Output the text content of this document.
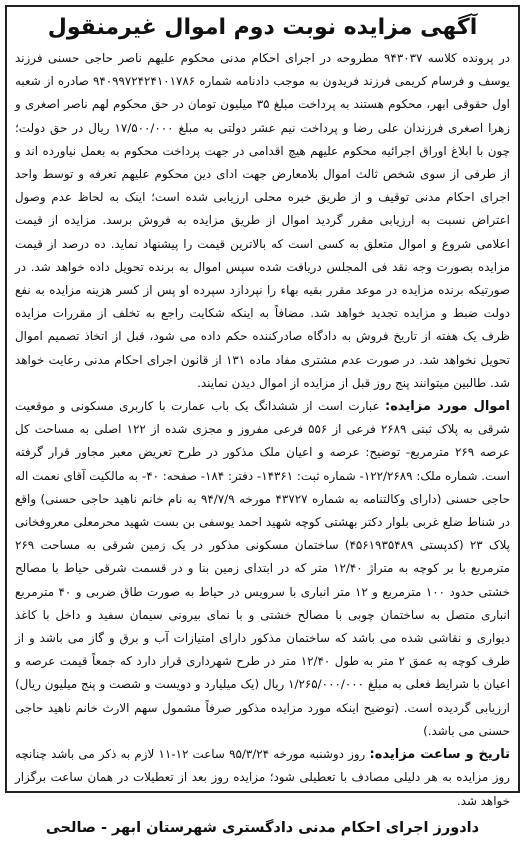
آگهی مزایده نوبت دوم اموال غیرمنقول

در پرونده کلاسه ۹۴۳۰۳۷ مطروحه در اجرای احکام مدنی محکوم علیهم ناصر حاجی حسنی فرزند یوسف و فرسام کریمی فرزند فریدون به موجب دادنامه شماره ۹۴۰۹۹۷۲۴۲۴۱۰۱۷۸۶ صادره از شعبه اول حقوقی ابهر، محکوم هستند به پرداخت مبلغ ۳۵ میلیون تومان در حق محکوم لهم ناصر اصغری و زهرا اصغری فرزندان علی رضا و پرداخت نیم عشر دولتی به مبلغ ۱۷/۵۰۰/۰۰۰ ریال در حق دولت؛ چون با ابلاغ اوراق اجرائیه محکوم علیهم هیچ اقدامی در جهت پرداخت محکوم به بعمل نیاورده اند و از طرفی از سوی شخص ثالث اموال بلامعارض جهت ادای دین محکوم علیهم تعرفه و توسط واحد اجرای احکام مدنی توقیف و از طریق خبره محلی ارزیابی شده است؛ اینک به لحاظ عدم وصول اعتراض نسبت به ارزیابی مقرر گردید اموال از طریق مزایده به فروش برسد. مزایده از قیمت اعلامی شروع و اموال متعلق به کسی است که بالاترین قیمت را پیشنهاد نماید. ده درصد از قیمت مزایده بصورت وجه نقد فی المجلس دریافت شده سپس اموال به برنده تحویل داده خواهد شد. در صورتیکه برنده مزایده در موعد مقرر بقیه بهاء را نپردازد سپرده او پس از کسر هزینه مزایده به نفع دولت ضبط و مزایده تجدید خواهد شد. مضافاً به اینکه شکایت راجع به تخلف از مقررات مزایده ظرف یک هفته از تاریخ فروش به دادگاه صادرکننده حکم داده می شود، قبل از اتخاذ تصمیم اموال تحویل نخواهد شد. در صورت عدم مشتری مفاد ماده ۱۳۱ از قانون اجرای احکام مدنی رعایت خواهد شد. طالبین میتوانند پنج روز قبل از مزایده از اموال دیدن نمایند.

اموال مورد مزایده: عبارت است از ششدانگ یک باب عمارت با کاربری مسکونی و موقعیت شرقی به پلاک ثبتی ۲۶۸۹ فرعی از ۵۵۶ فرعی مفروز و مجزی شده از ۱۲۲ اصلی به مساحت کل عرصه ۲۶۹ مترمربع- توضیح: عرصه و اعیان ملک مذکور در طرح تعریض معبر مجاور قرار گرفته است. شماره ملک: ۱۲۲/۲۶۸۹- شماره ثبت: ۱۴۳۶۱- دفتر: ۱۸۴- صفحه: ۴۰- به مالکیت آقای نعمت اله حاجی حسنی (دارای وکالتنامه به شماره ۴۳۷۲۷ مورخه ۹۴/۷/۹ به نام خانم ناهید حاجی حسنی) واقع در شناط ضلع غربی بلوار دکتر بهشتی کوچه شهید احمد یوسفی بن بست شهید محرمعلی معروفخانی پلاک ۲۳ (کدپستی ۴۵۶۱۹۳۵۴۸۹) ساختمان مسکونی مذکور در یک زمین شرقی به مساحت ۲۶۹ مترمربع با بر کوچه به متراژ ۱۲/۴۰ متر که در ابتدای زمین بنا و در قسمت شرقی حیاط با مصالح خشتی حدود ۱۰۰ مترمربع و ۱۲ متر انباری با سرویس در حیاط به صورت طاق ضربی و ۴۰ مترمربع انباری متصل به ساختمان چوبی با مصالح خشتی و با نمای بیرونی سیمان سفید و داخل با کاغذ دیواری و نقاشی شده می باشد که ساختمان مذکور دارای امتیازات آب و برق و گاز می باشد و از طرف کوچه به عمق ۲ متر به طول ۱۲/۴۰ متر در طرح شهرداری قرار دارد که جمعاً قیمت عرصه و اعیان با شرایط فعلی به مبلغ ۱/۲۶۵/۰۰۰/۰۰۰ ریال (یک میلیارد و دویست و شصت و پنج میلیون ریال) ارزیابی گردیده است. (توضیح اینکه مورد مزایده مذکور صرفاً مشمول سهم الارث خانم ناهید حاجی حسنی می باشد.)

تاریخ و ساعت مزایده: روز دوشنبه مورخه ۹۵/۳/۲۴ ساعت ۱۲-۱۱ لازم به ذکر می باشد چنانچه روز مزایده به هر دلیلی مصادف با تعطیلی شود؛ مزایده روز بعد از تعطیلات در همان ساعت برگزار خواهد شد.

دادورز اجرای احکام مدنی دادگستری شهرستان ابهر - صالحی
